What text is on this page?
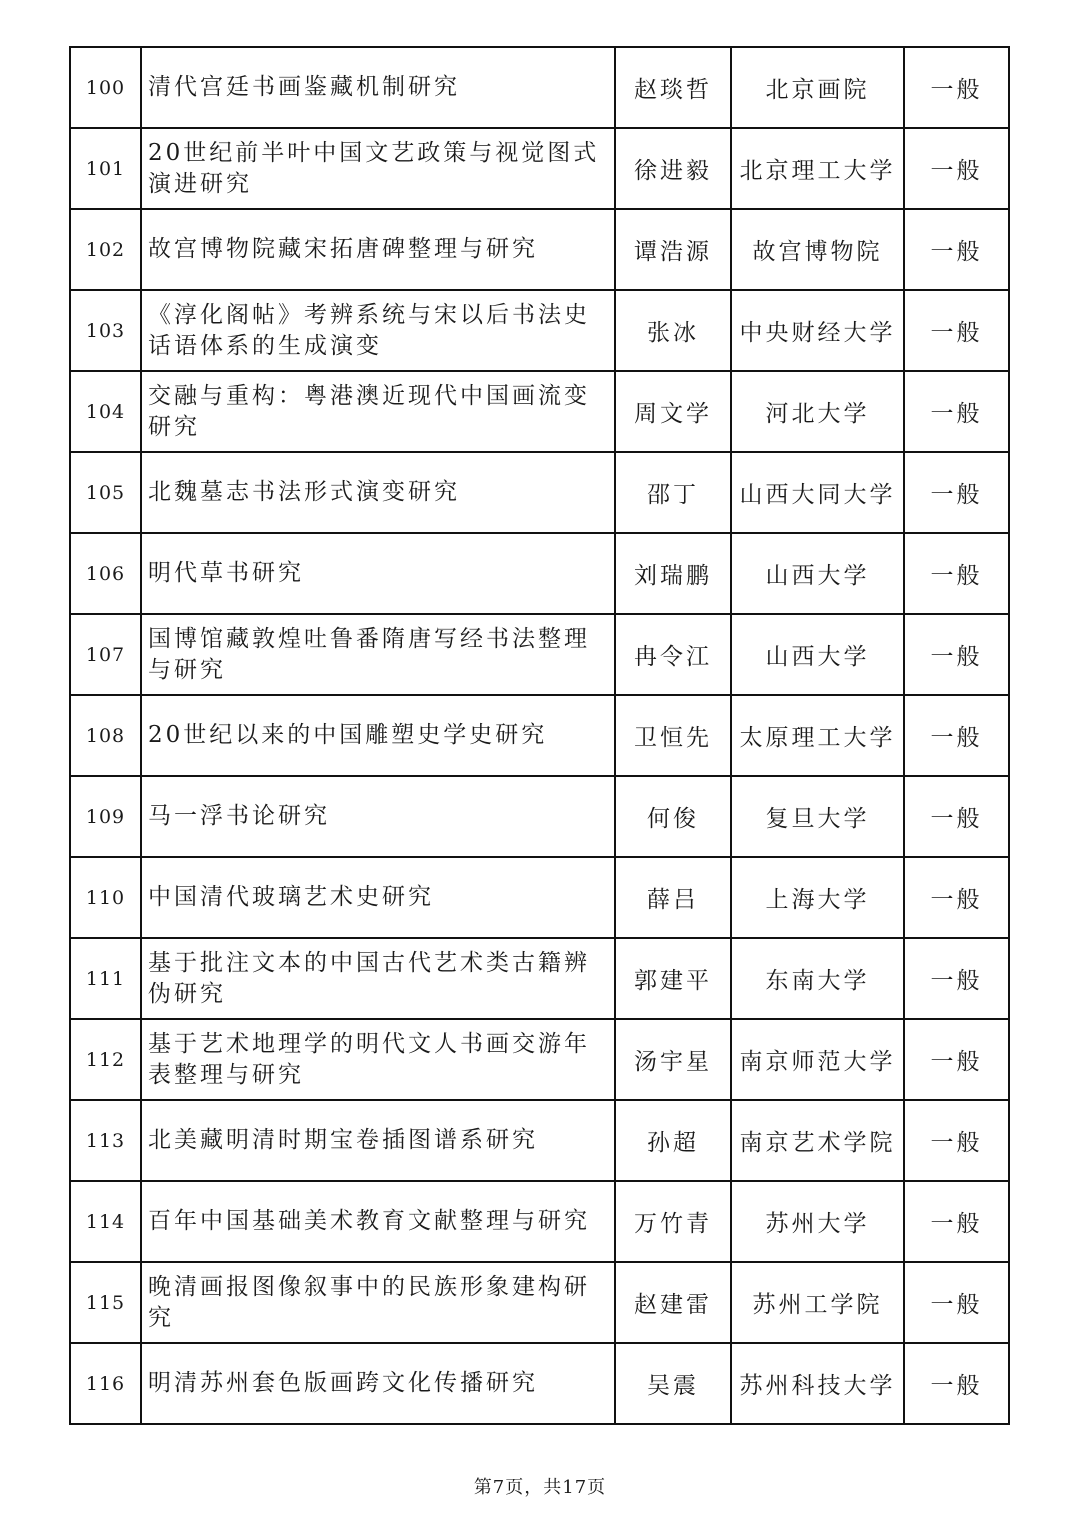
100	清代宫廷书画鉴藏机制研究	赵琰哲	北京画院	一般
101	20世纪前半叶中国文艺政策与视觉图式演进研究	徐进毅	北京理工大学	一般
102	故宫博物院藏宋拓唐碑整理与研究	谭浩源	故宫博物院	一般
103	《淳化阁帖》考辨系统与宋以后书法史话语体系的生成演变	张冰	中央财经大学	一般
104	交融与重构：粤港澳近现代中国画流变研究	周文学	河北大学	一般
105	北魏墓志书法形式演变研究	邵丁	山西大同大学	一般
106	明代草书研究	刘瑞鹏	山西大学	一般
107	国博馆藏敦煌吐鲁番隋唐写经书法整理与研究	冉令江	山西大学	一般
108	20世纪以来的中国雕塑史学史研究	卫恒先	太原理工大学	一般
109	马一浮书论研究	何俊	复旦大学	一般
110	中国清代玻璃艺术史研究	薛吕	上海大学	一般
111	基于批注文本的中国古代艺术类古籍辨伪研究	郭建平	东南大学	一般
112	基于艺术地理学的明代文人书画交游年表整理与研究	汤宇星	南京师范大学	一般
113	北美藏明清时期宝卷插图谱系研究	孙超	南京艺术学院	一般
114	百年中国基础美术教育文献整理与研究	万竹青	苏州大学	一般
115	晚清画报图像叙事中的民族形象建构研究	赵建雷	苏州工学院	一般
116	明清苏州套色版画跨文化传播研究	吴震	苏州科技大学	一般
第7页，共17页
